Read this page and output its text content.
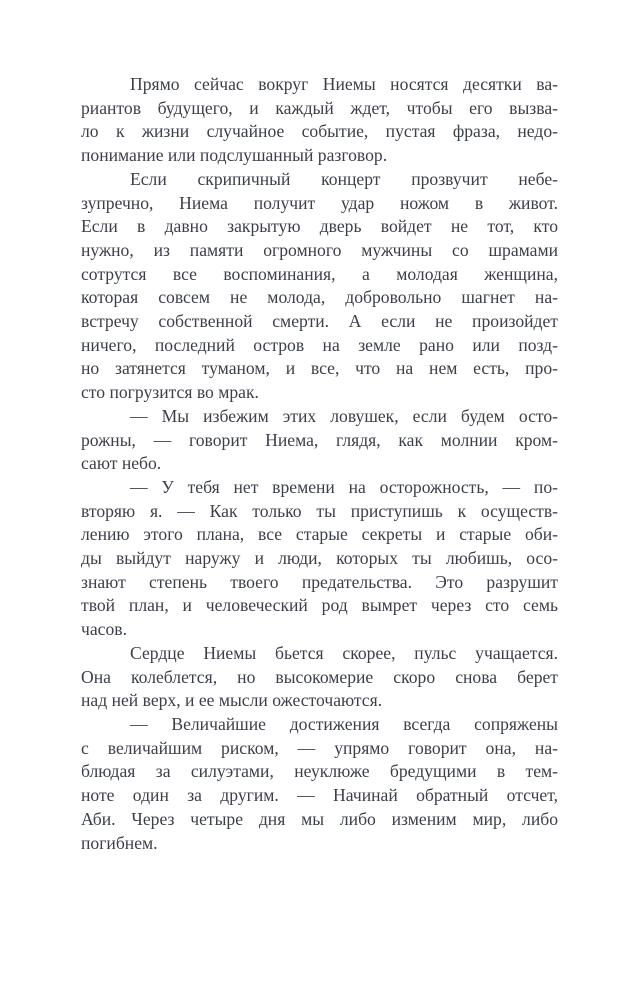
Прямо сейчас вокруг Ниемы носятся десятки ва-
риантов будущего, и каждый ждет, чтобы его вызва-
ло к жизни случайное событие, пустая фраза, недо-
понимание или подслушанный разговор.
Если скрипичный концерт прозвучит небе-
зупречно, Ниема получит удар ножом в живот.
Если в давно закрытую дверь войдет не тот, кто
нужно, из памяти огромного мужчины со шрамами
сотрутся все воспоминания, а молодая женщина,
которая совсем не молода, добровольно шагнет на-
встречу собственной смерти. А если не произойдет
ничего, последний остров на земле рано или позд-
но затянется туманом, и все, что на нем есть, про-
сто погрузится во мрак.
— Мы избежим этих ловушек, если будем осто-
рожны, — говорит Ниема, глядя, как молнии кром-
сают небо.
— У тебя нет времени на осторожность, — по-
вторяю я. — Как только ты приступишь к осуществ-
лению этого плана, все старые секреты и старые оби-
ды выйдут наружу и люди, которых ты любишь, осо-
знают степень твоего предательства. Это разрушит
твой план, и человеческий род вымрет через сто семь
часов.
Сердце Ниемы бьется скорее, пульс учащается.
Она колеблется, но высокомерие скоро снова берет
над ней верх, и ее мысли ожесточаются.
— Величайшие достижения всегда сопряжены
с величайшим риском, — упрямо говорит она, на-
блюдая за силуэтами, неуклюже бредущими в тем-
ноте один за другим. — Начинай обратный отсчет,
Аби. Через четыре дня мы либо изменим мир, либо
погибнем.
